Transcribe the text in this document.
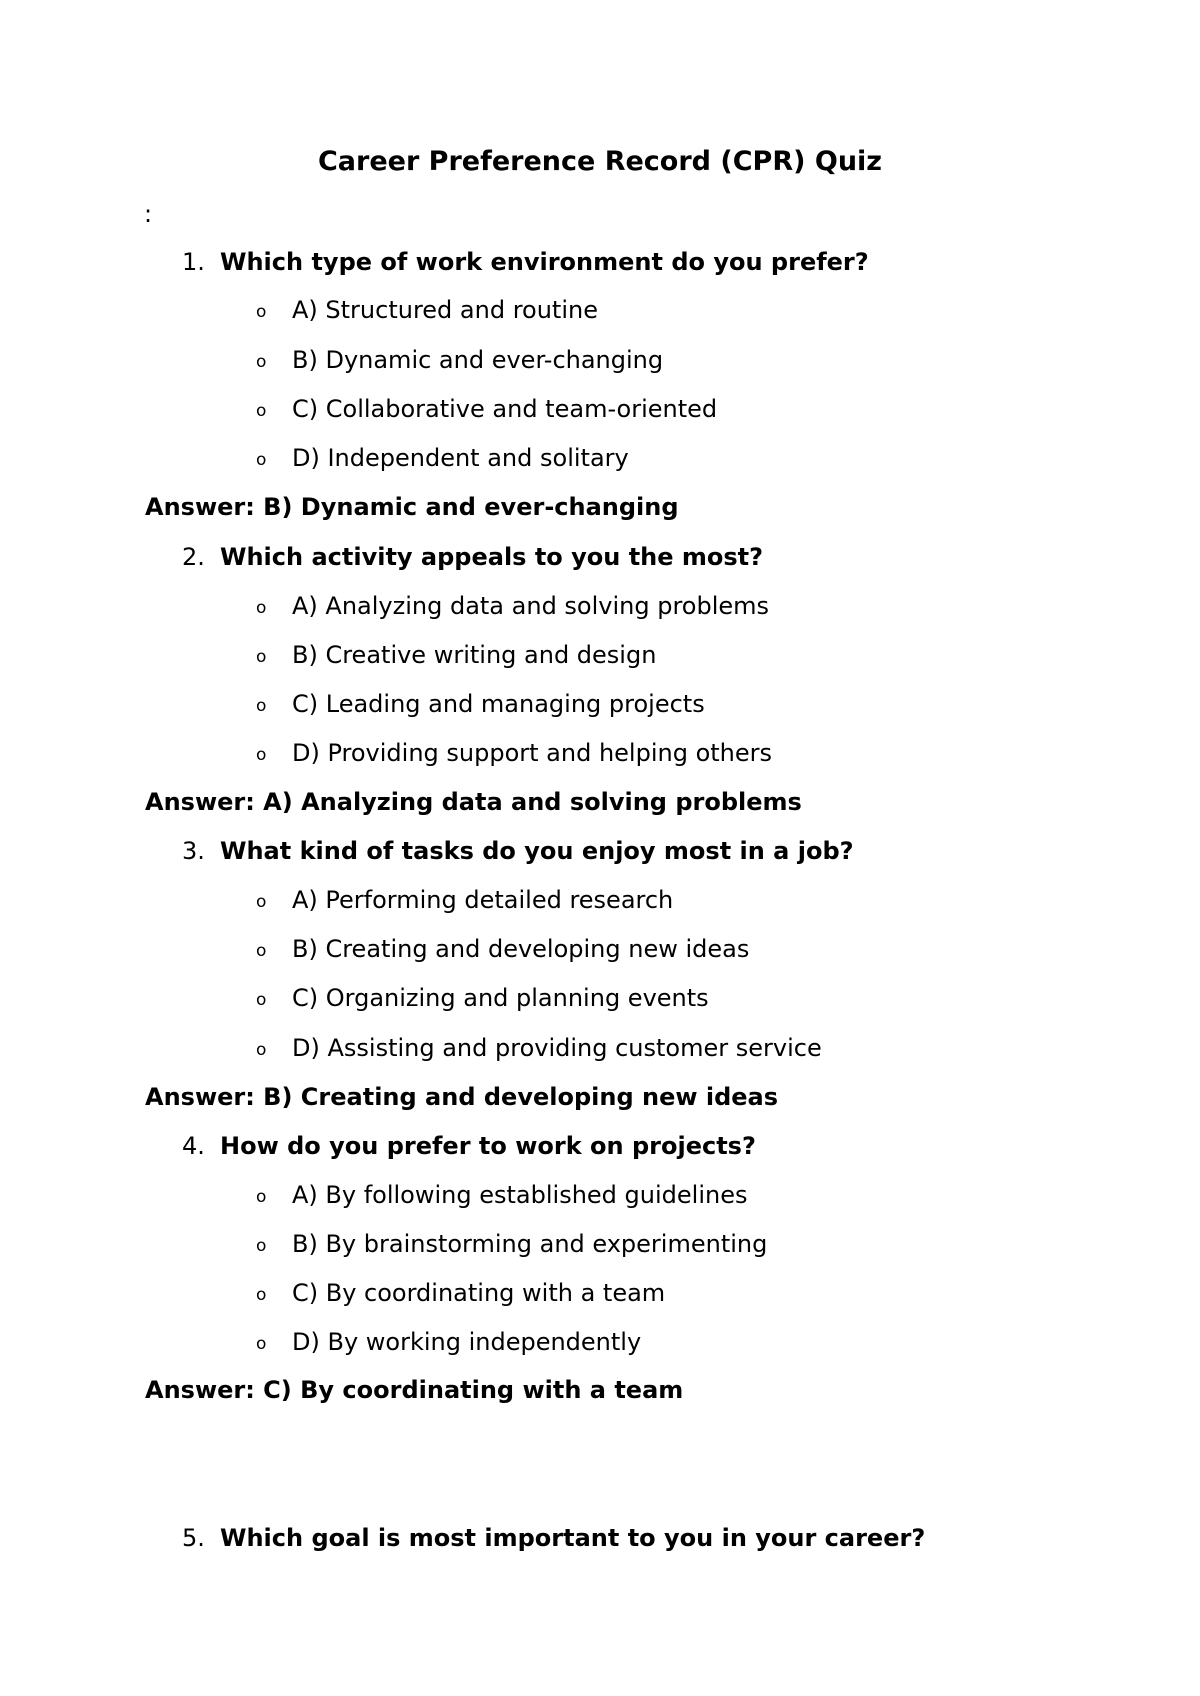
Career Preference Record (CPR) Quiz
:
1. Which type of work environment do you prefer?
o A) Structured and routine
o B) Dynamic and ever-changing
o C) Collaborative and team-oriented
o D) Independent and solitary
Answer: B) Dynamic and ever-changing
2. Which activity appeals to you the most?
o A) Analyzing data and solving problems
o B) Creative writing and design
o C) Leading and managing projects
o D) Providing support and helping others
Answer: A) Analyzing data and solving problems
3. What kind of tasks do you enjoy most in a job?
o A) Performing detailed research
o B) Creating and developing new ideas
o C) Organizing and planning events
o D) Assisting and providing customer service
Answer: B) Creating and developing new ideas
4. How do you prefer to work on projects?
o A) By following established guidelines
o B) By brainstorming and experimenting
o C) By coordinating with a team
o D) By working independently
Answer: C) By coordinating with a team
5. Which goal is most important to you in your career?
